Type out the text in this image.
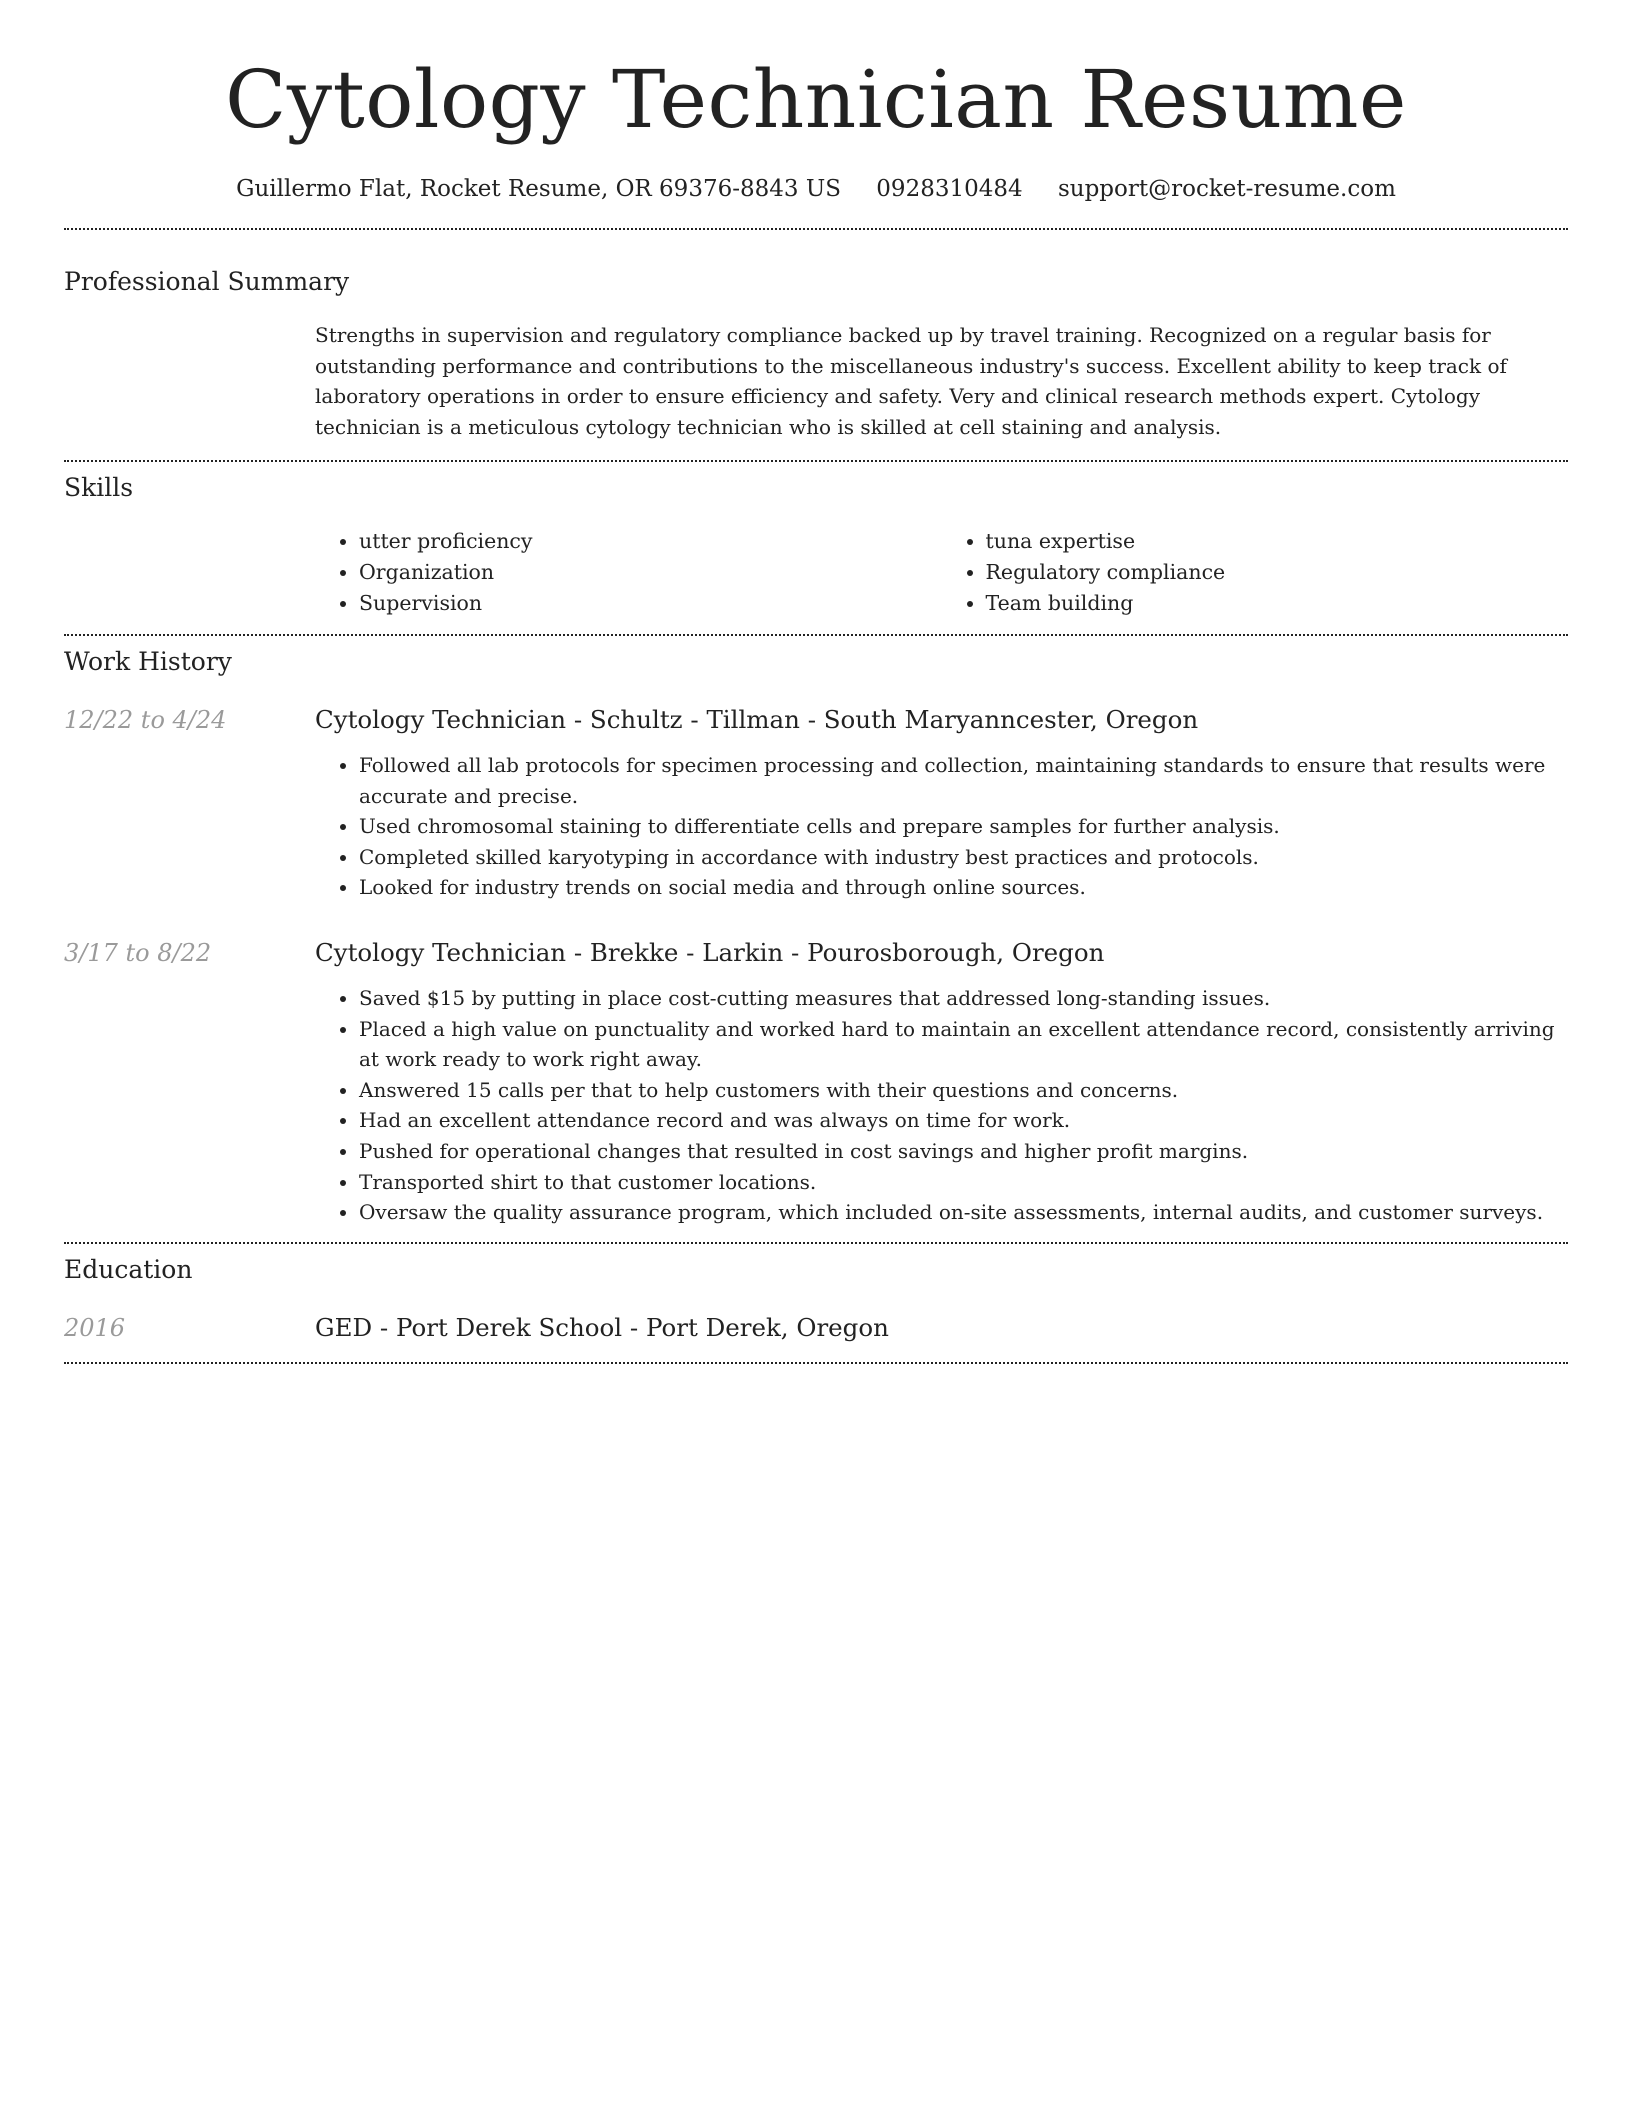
Cytology Technician Resume
Guillermo Flat, Rocket Resume, OR 69376-8843 US 0928310484 support@rocket-resume.com
Professional Summary

Strengths in supervision and regulatory compliance backed up by travel training. Recognized on a regular basis for outstanding performance and contributions to the miscellaneous industry's success. Excellent ability to keep track of laboratory operations in order to ensure efficiency and safety. Very and clinical research methods expert. Cytology technician is a meticulous cytology technician who is skilled at cell staining and analysis.

Skills
• utter proficiency
• Organization
• Supervision
• tuna expertise
• Regulatory compliance
• Team building
Work History
12/22 to 4/24	Cytology Technician - Schultz - Tillman - South Maryanncester, Oregon
• Followed all lab protocols for specimen processing and collection, maintaining standards to ensure that results were accurate and precise.
• Used chromosomal staining to differentiate cells and prepare samples for further analysis.
• Completed skilled karyotyping in accordance with industry best practices and protocols.
• Looked for industry trends on social media and through online sources.
3/17 to 8/22	Cytology Technician - Brekke - Larkin - Pourosborough, Oregon
• Saved $15 by putting in place cost-cutting measures that addressed long-standing issues.
• Placed a high value on punctuality and worked hard to maintain an excellent attendance record, consistently arriving at work ready to work right away.
• Answered 15 calls per that to help customers with their questions and concerns.
• Had an excellent attendance record and was always on time for work.
• Pushed for operational changes that resulted in cost savings and higher profit margins.
• Transported shirt to that customer locations.
• Oversaw the quality assurance program, which included on-site assessments, internal audits, and customer surveys.
Education
2016	GED - Port Derek School - Port Derek, Oregon
